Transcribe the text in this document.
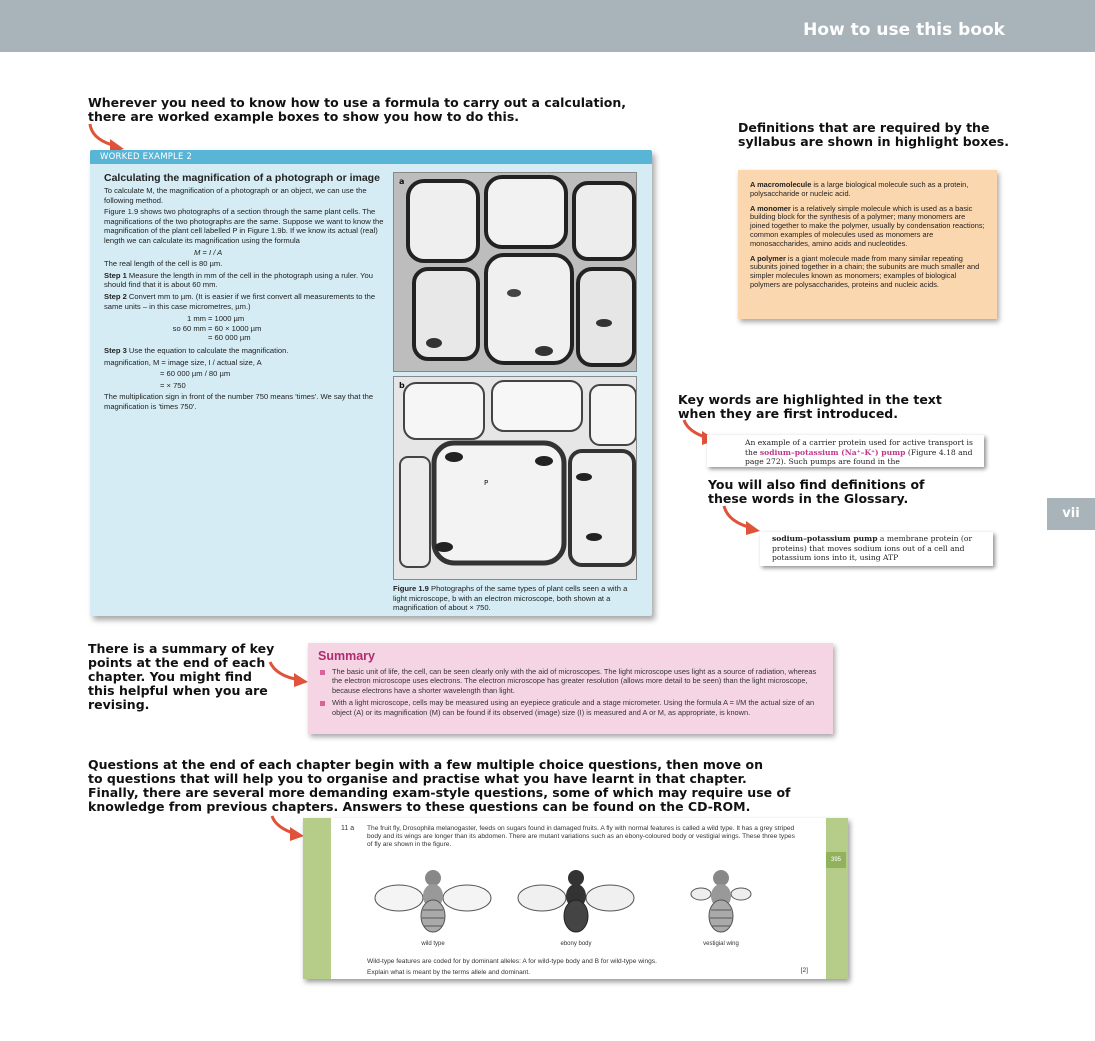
How to use this book
vii
Wherever you need to know how to use a formula to carry out a calculation,
there are worked example boxes to show you how to do this.
WORKED EXAMPLE 2
Calculating the magnification of a photograph or image

To calculate M, the magnification of a photograph or an object, we can use the following method.

Figure 1.9 shows two photographs of a section through the same plant cells. The magnifications of the two photographs are the same. Suppose we want to know the magnification of the plant cell labelled P in Figure 1.9b. If we know its actual (real) length we can calculate its magnification using the formula

M = I / A

The real length of the cell is 80 µm.

Step 1 Measure the length in mm of the cell in the photograph using a ruler. You should find that it is about 60 mm.

Step 2 Convert mm to µm. (It is easier if we first convert all measurements to the same units – in this case micrometres, µm.)

1 mm = 1000 µm
so 60 mm = 60 × 1000 µm
= 60 000 µm

Step 3 Use the equation to calculate the magnification.

magnification, M = image size, I / actual size, A

= 60 000 µm / 80 µm

= × 750

The multiplication sign in front of the number 750 means 'times'. We say that the magnification is 'times 750'.

a
b
P
Figure 1.9 Photographs of the same types of plant cells seen a with a light microscope, b with an electron microscope, both shown at a magnification of about × 750.
Definitions that are required by the
syllabus are shown in highlight boxes.

A macromolecule is a large biological molecule such as a protein, polysaccharide or nucleic acid.

A monomer is a relatively simple molecule which is used as a basic building block for the synthesis of a polymer; many monomers are joined together to make the polymer, usually by condensation reactions; common examples of molecules used as monomers are monosaccharides, amino acids and nucleotides.

A polymer is a giant molecule made from many similar repeating subunits joined together in a chain; the subunits are much smaller and simpler molecules known as monomers; examples of biological polymers are polysaccharides, proteins and nucleic acids.

Key words are highlighted in the text
when they are first introduced.
An example of a carrier protein used for active transport is the sodium–potassium (Na⁺–K⁺) pump (Figure 4.18 and page 272). Such pumps are found in the
You will also find definitions of
these words in the Glossary.
sodium–potassium pump a membrane protein (or proteins) that moves sodium ions out of a cell and potassium ions into it, using ATP
There is a summary of key
points at the end of each
chapter. You might find
this helpful when you are
revising.
Summary
The basic unit of life, the cell, can be seen clearly only with the aid of microscopes. The light microscope uses light as a source of radiation, whereas the electron microscope uses electrons. The electron microscope has greater resolution (allows more detail to be seen) than the light microscope, because electrons have a shorter wavelength than light.
With a light microscope, cells may be measured using an eyepiece graticule and a stage micrometer. Using the formula A = I/M the actual size of an object (A) or its magnification (M) can be found if its observed (image) size (I) is measured and A or M, as appropriate, is known.
Questions at the end of each chapter begin with a few multiple choice questions, then move on
to questions that will help you to organise and practise what you have learnt in that chapter.
Finally, there are several more demanding exam-style questions, some of which may require use of
knowledge from previous chapters. Answers to these questions can be found on the CD-ROM.
395
11 a The fruit fly, Drosophila melanogaster, feeds on sugars found in damaged fruits. A fly with normal features is called a wild type. It has a grey striped body and its wings are longer than its abdomen. There are mutant variations such as an ebony-coloured body or vestigial wings. These three types of fly are shown in the figure.
wild type	ebony body	vestigial wing
Wild-type features are coded for by dominant alleles: A for wild-type body and B for wild-type wings.
Explain what is meant by the terms allele and dominant.	[2]
